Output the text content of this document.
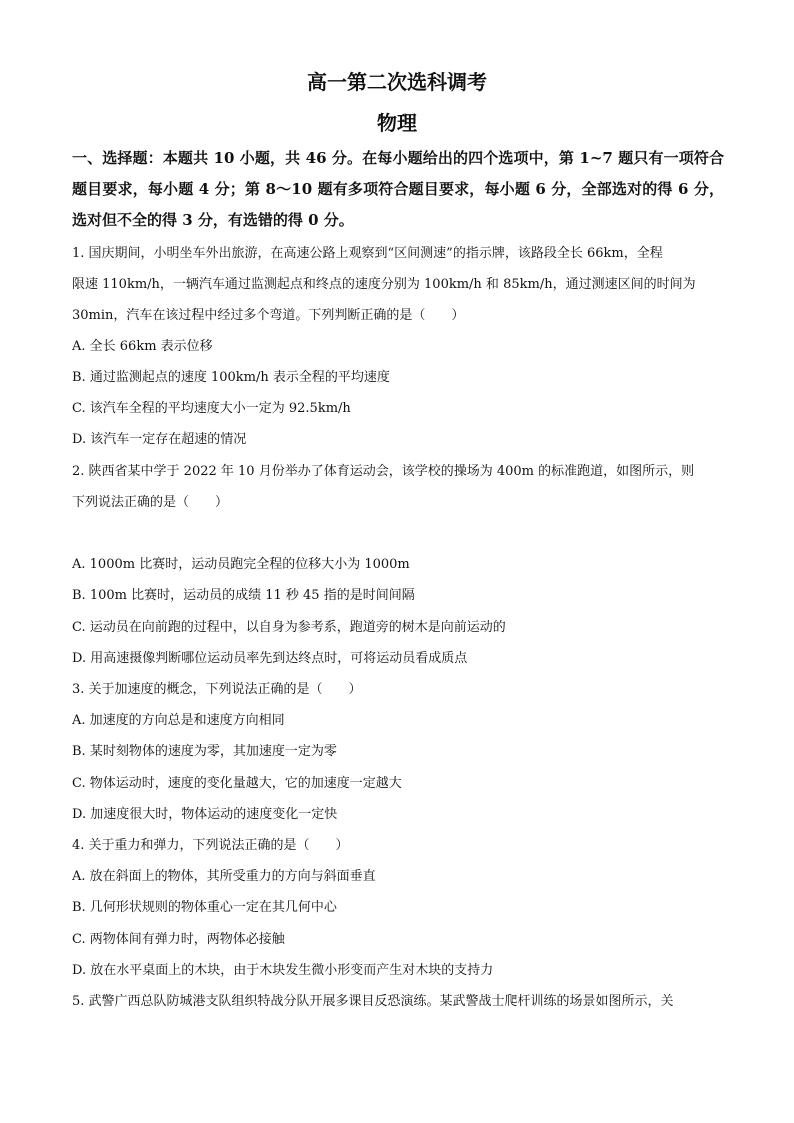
高一第二次选科调考
物理
一、选择题：本题共 10 小题，共 46 分。在每小题给出的四个选项中，第 1~7 题只有一项符合题目要求，每小题 4 分；第 8～10 题有多项符合题目要求，每小题 6 分，全部选对的得 6 分，选对但不全的得 3 分，有选错的得 0 分。
1. 国庆期间，小明坐车外出旅游，在高速公路上观察到“区间测速”的指示牌，该路段全长 66km，全程
限速 110km/h，一辆汽车通过监测起点和终点的速度分别为 100km/h 和 85km/h，通过测速区间的时间为
30min，汽车在该过程中经过多个弯道。下列判断正确的是（　　）
A. 全长 66km 表示位移
B. 通过监测起点的速度 100km/h 表示全程的平均速度
C. 该汽车全程的平均速度大小一定为 92.5km/h
D. 该汽车一定存在超速的情况
2. 陕西省某中学于 2022 年 10 月份举办了体育运动会，该学校的操场为 400m 的标准跑道，如图所示，则
下列说法正确的是（　　）
A. 1000m 比赛时，运动员跑完全程的位移大小为 1000m
B. 100m 比赛时，运动员的成绩 11 秒 45 指的是时间间隔
C. 运动员在向前跑的过程中，以自身为参考系，跑道旁的树木是向前运动的
D. 用高速摄像判断哪位运动员率先到达终点时，可将运动员看成质点
3. 关于加速度的概念，下列说法正确的是（　　）
A. 加速度的方向总是和速度方向相同
B. 某时刻物体的速度为零，其加速度一定为零
C. 物体运动时，速度的变化量越大，它的加速度一定越大
D. 加速度很大时，物体运动的速度变化一定快
4. 关于重力和弹力，下列说法正确的是（　　）
A. 放在斜面上的物体，其所受重力的方向与斜面垂直
B. 几何形状规则的物体重心一定在其几何中心
C. 两物体间有弹力时，两物体必接触
D. 放在水平桌面上的木块，由于木块发生微小形变而产生对木块的支持力
5. 武警广西总队防城港支队组织特战分队开展多课目反恐演练。某武警战士爬杆训练的场景如图所示，关
